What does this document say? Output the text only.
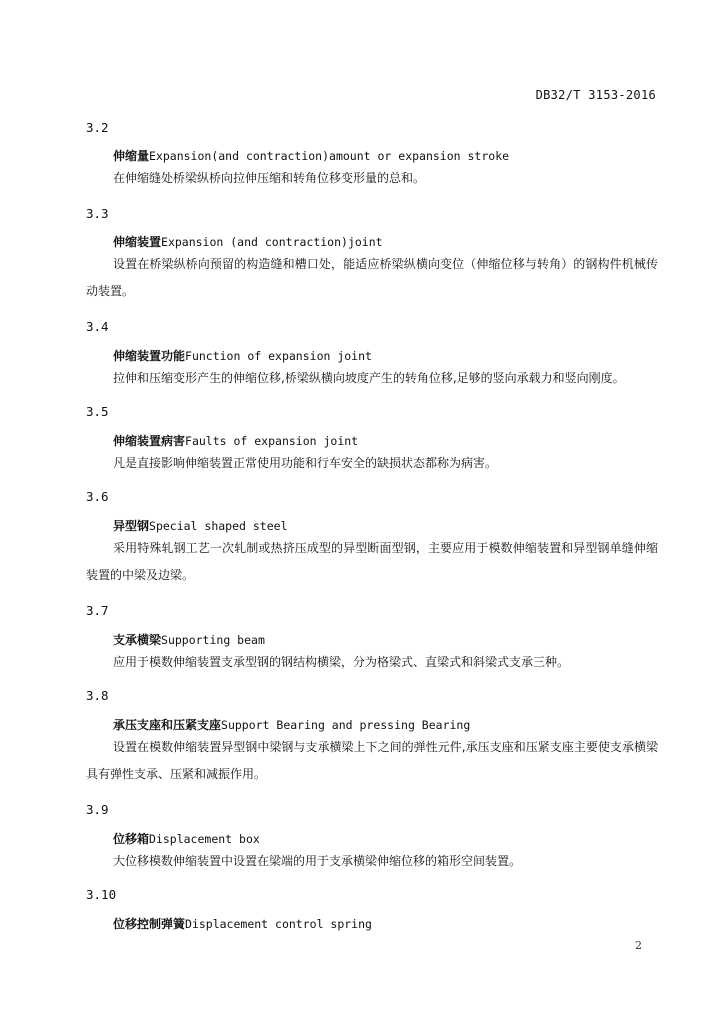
DB32/T 3153-2016
3.2
伸缩量Expansion(and contraction)amount or expansion stroke

在伸缩缝处桥梁纵桥向拉伸压缩和转角位移变形量的总和。

3.3
伸缩装置Expansion (and contraction)joint

设置在桥梁纵桥向预留的构造缝和槽口处，能适应桥梁纵横向变位（伸缩位移与转角）的钢构件机械传动装置。

3.4
伸缩装置功能Function of expansion joint

拉伸和压缩变形产生的伸缩位移,桥梁纵横向坡度产生的转角位移,足够的竖向承载力和竖向刚度。

3.5
伸缩装置病害Faults of expansion joint

凡是直接影响伸缩装置正常使用功能和行车安全的缺损状态都称为病害。

3.6
异型钢Special shaped steel

采用特殊轧钢工艺一次轧制或热挤压成型的异型断面型钢，主要应用于模数伸缩装置和异型钢单缝伸缩装置的中梁及边梁。

3.7
支承横梁Supporting beam

应用于模数伸缩装置支承型钢的钢结构横梁，分为格梁式、直梁式和斜梁式支承三种。

3.8
承压支座和压紧支座Support Bearing and pressing Bearing

设置在模数伸缩装置异型钢中梁钢与支承横梁上下之间的弹性元件,承压支座和压紧支座主要使支承横梁具有弹性支承、压紧和减振作用。

3.9
位移箱Displacement box

大位移模数伸缩装置中设置在梁端的用于支承横梁伸缩位移的箱形空间装置。

3.10
位移控制弹簧Displacement control spring
2
